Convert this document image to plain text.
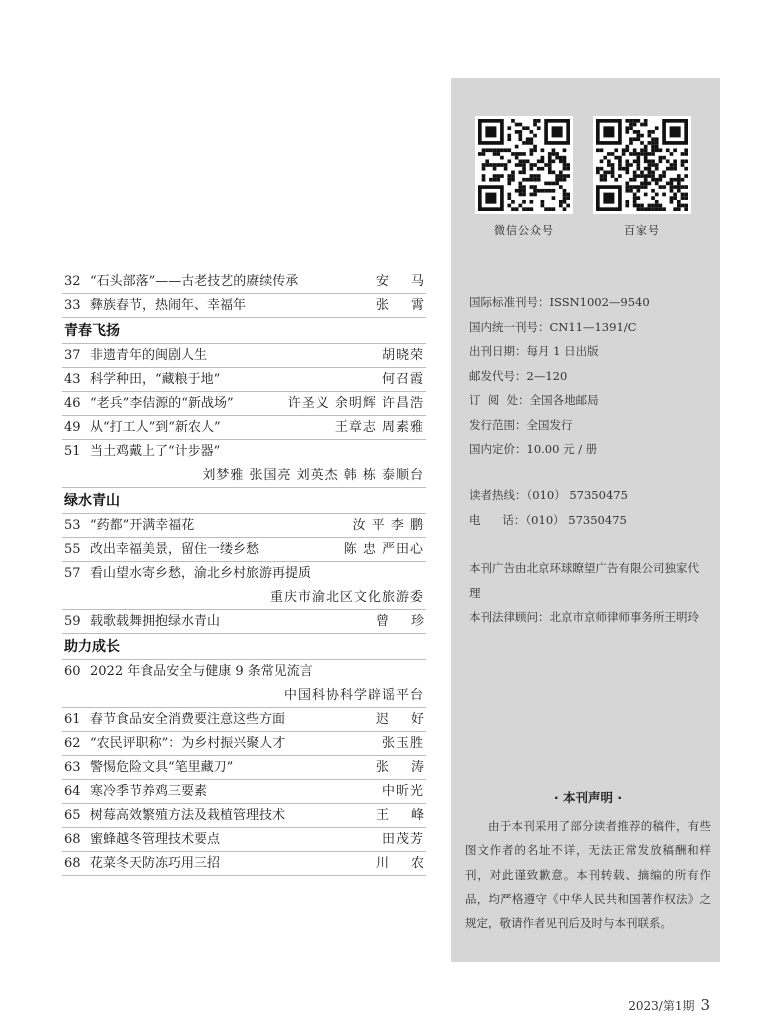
32 “石头部落”——古老技艺的赓续传承	安马
33 彝族春节，热闹年、幸福年	张霄
青春飞扬
37 非遗青年的闽剧人生	胡晓荣
43 科学种田，“藏粮于地”	何召霞
46 “老兵”李佶源的“新战场”	许圣义 余明辉 许昌浩
49 从“打工人”到“新农人”	王章志 周素雅
51 当土鸡戴上了“计步器”
刘梦雅 张国亮 刘英杰 韩 栋 泰顺台
绿水青山
53 “药都”开满幸福花	汝 平 李 鹏
55 改出幸福美景，留住一缕乡愁	陈 忠 严田心
57 看山望水寄乡愁，渝北乡村旅游再提质
重庆市渝北区文化旅游委
59 载歌载舞拥抱绿水青山	曾珍
助力成长
60 2022 年食品安全与健康 9 条常见流言
中国科协科学辟谣平台
61 春节食品安全消费要注意这些方面	迟好
62 “农民评职称”：为乡村振兴聚人才	张玉胜
63 警惕危险文具“笔里藏刀”	张涛
64 寒冷季节养鸡三要素	中昕光
65 树莓高效繁殖方法及栽植管理技术	王峰
68 蜜蜂越冬管理技术要点	田茂芳
68 花菜冬天防冻巧用三招	川农
微信公众号	百家号
国际标准刊号：ISSN1002—9540
国内统一刊号：CN11—1391/C
出刊日期：每月 1 日出版
邮发代号：2—120
订  阅  处：全国各地邮局
发行范围：全国发行
国内定价：10.00 元 / 册
读者热线：（010） 57350475
电      话：（010） 57350475
本刊广告由北京环球瞭望广告有限公司独家代理
本刊法律顾问：北京市京师律师事务所王明玲
· 本刊声明 ·
由于本刊采用了部分读者推荐的稿件，有些图文作者的名址不详，无法正常发放稿酬和样刊，对此谨致歉意。本刊转载、摘编的所有作品，均严格遵守《中华人民共和国著作权法》之规定，敬请作者见刊后及时与本刊联系。
2023/第1期 3
